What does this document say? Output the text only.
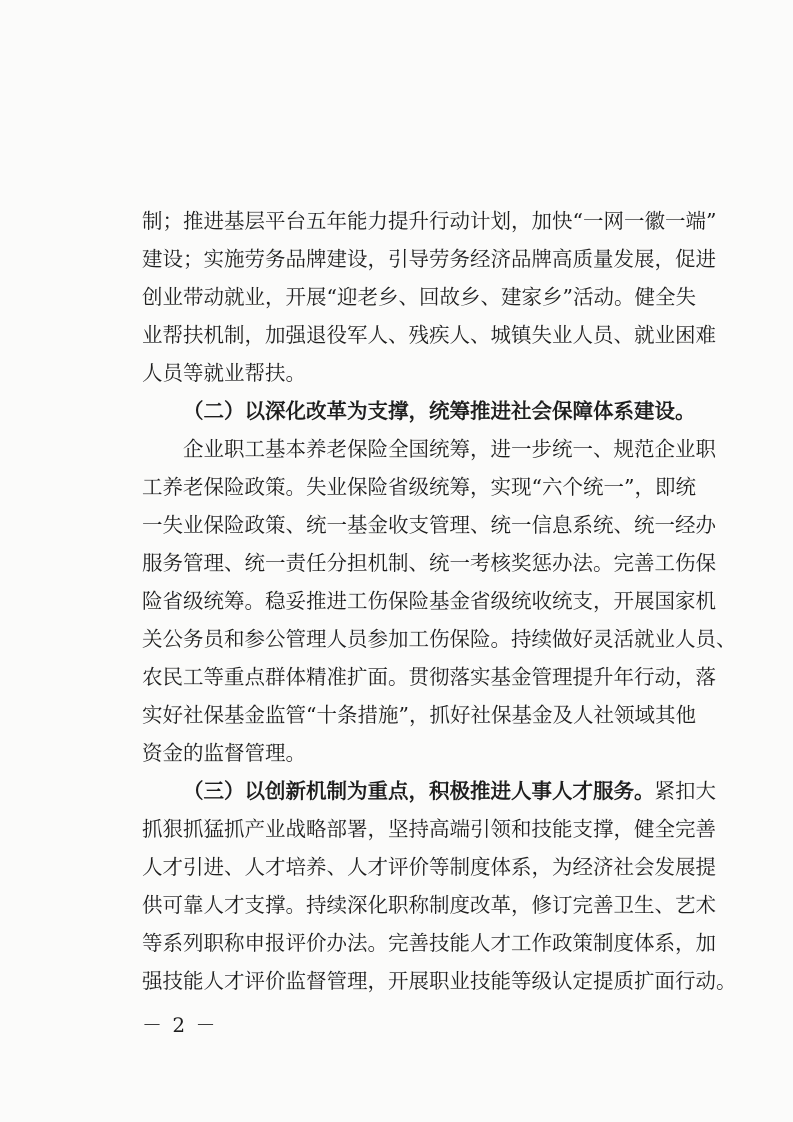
制；推进基层平台五年能力提升行动计划，加快“一网一徽一端”
建设；实施劳务品牌建设，引导劳务经济品牌高质量发展，促进
创业带动就业，开展“迎老乡、回故乡、建家乡”活动。健全失
业帮扶机制，加强退役军人、残疾人、城镇失业人员、就业困难
人员等就业帮扶。
（二）以深化改革为支撑，统筹推进社会保障体系建设。
企业职工基本养老保险全国统筹，进一步统一、规范企业职
工养老保险政策。失业保险省级统筹，实现“六个统一”，即统
一失业保险政策、统一基金收支管理、统一信息系统、统一经办
服务管理、统一责任分担机制、统一考核奖惩办法。完善工伤保
险省级统筹。稳妥推进工伤保险基金省级统收统支，开展国家机
关公务员和参公管理人员参加工伤保险。持续做好灵活就业人员、
农民工等重点群体精准扩面。贯彻落实基金管理提升年行动，落
实好社保基金监管“十条措施”，抓好社保基金及人社领域其他
资金的监督管理。
（三）以创新机制为重点，积极推进人事人才服务。紧扣大
抓狠抓猛抓产业战略部署，坚持高端引领和技能支撑，健全完善
人才引进、人才培养、人才评价等制度体系，为经济社会发展提
供可靠人才支撑。持续深化职称制度改革，修订完善卫生、艺术
等系列职称申报评价办法。完善技能人才工作政策制度体系，加
强技能人才评价监督管理，开展职业技能等级认定提质扩面行动。
－ 2 －
